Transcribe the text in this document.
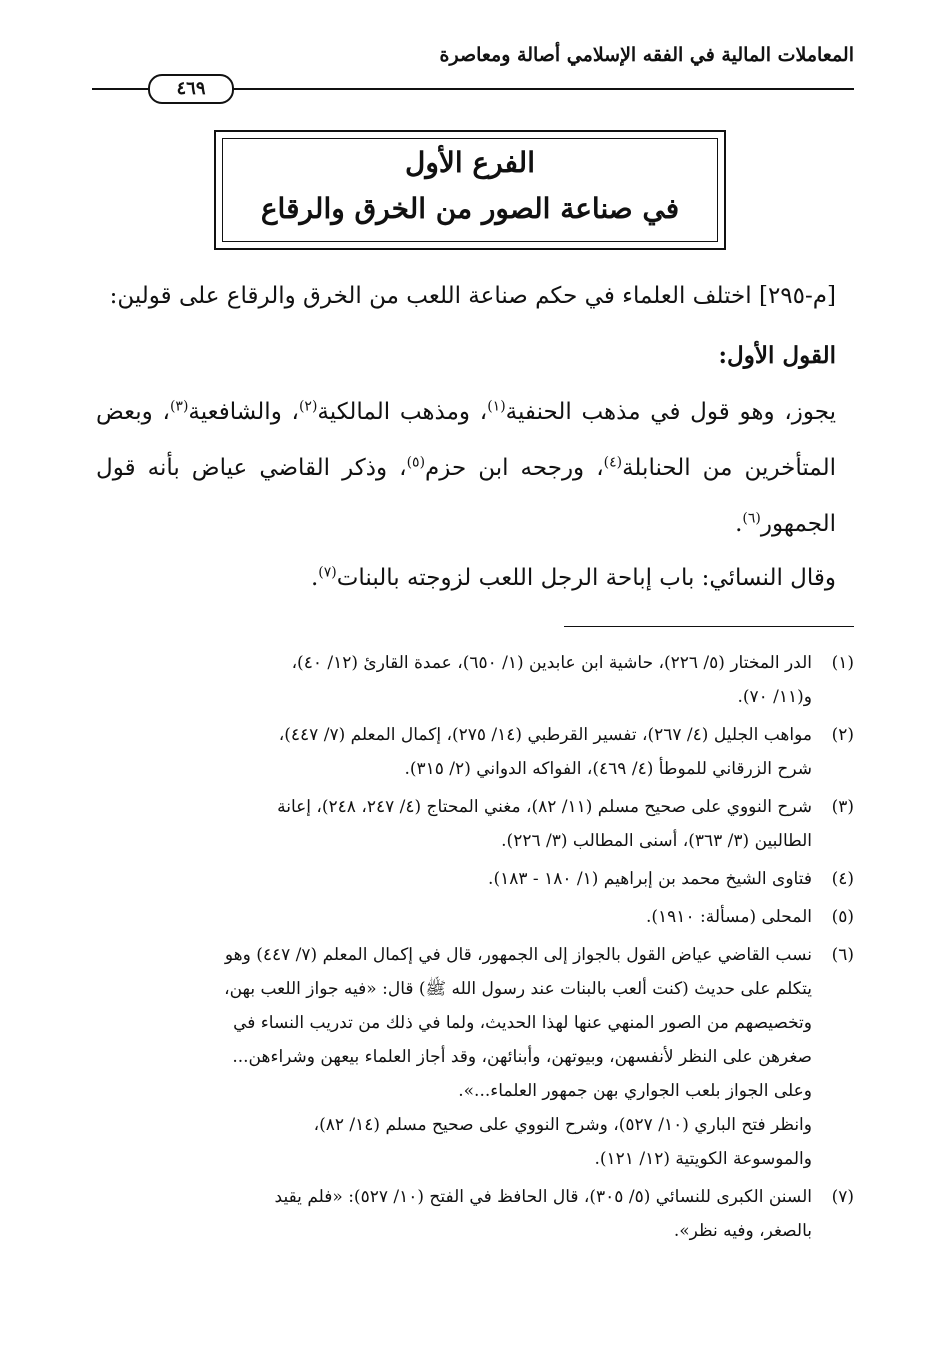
المعاملات المالية في الفقه الإسلامي أصالة ومعاصرة
٤٦٩
الفرع الأول
في صناعة الصور من الخرق والرقاع
[م-٢٩٥] اختلف العلماء في حكم صناعة اللعب من الخرق والرقاع على قولين:
القول الأول:
يجوز، وهو قول في مذهب الحنفية$^{(١)}$، ومذهب المالكية$^{(٢)}$، والشافعية$^{(٣)}$، وبعض المتأخرين من الحنابلة$^{(٤)}$، ورجحه ابن حزم$^{(٥)}$، وذكر القاضي عياض بأنه قول الجمهور$^{(٦)}$.
وقال النسائي: باب إباحة الرجل اللعب لزوجته بالبنات$^{(٧)}$.
(١)
الدر المختار (٥/ ٢٢٦)، حاشية ابن عابدين (١/ ٦٥٠)، عمدة القارئ (١٢/ ٤٠)،
و(١١/ ٧٠).
(٢)
مواهب الجليل (٤/ ٢٦٧)، تفسير القرطبي (١٤/ ٢٧٥)، إكمال المعلم (٧/ ٤٤٧)،
شرح الزرقاني للموطأ (٤/ ٤٦٩)، الفواكه الدواني (٢/ ٣١٥).
(٣)
شرح النووي على صحيح مسلم (١١/ ٨٢)، مغني المحتاج (٤/ ٢٤٧، ٢٤٨)، إعانة
الطالبين (٣/ ٣٦٣)، أسنى المطالب (٣/ ٢٢٦).
(٤)
فتاوى الشيخ محمد بن إبراهيم (١/ ١٨٠ - ١٨٣).
(٥)
المحلى (مسألة: ١٩١٠).
(٦)
نسب القاضي عياض القول بالجواز إلى الجمهور، قال في إكمال المعلم (٧/ ٤٤٧) وهو
يتكلم على حديث (كنت ألعب بالبنات عند رسول الله ﷺ) قال: «فيه جواز اللعب بهن،
وتخصيصهم من الصور المنهي عنها لهذا الحديث، ولما في ذلك من تدريب النساء في
صغرهن على النظر لأنفسهن، وبيوتهن، وأبنائهن، وقد أجاز العلماء بيعهن وشراءهن...
وعلى الجواز بلعب الجواري بهن جمهور العلماء...».
وانظر فتح الباري (١٠/ ٥٢٧)، وشرح النووي على صحيح مسلم (١٤/ ٨٢)،
والموسوعة الكويتية (١٢/ ١٢١).
(٧)
السنن الكبرى للنسائي (٥/ ٣٠٥)، قال الحافظ في الفتح (١٠/ ٥٢٧): «فلم يقيد
بالصغر، وفيه نظر».
